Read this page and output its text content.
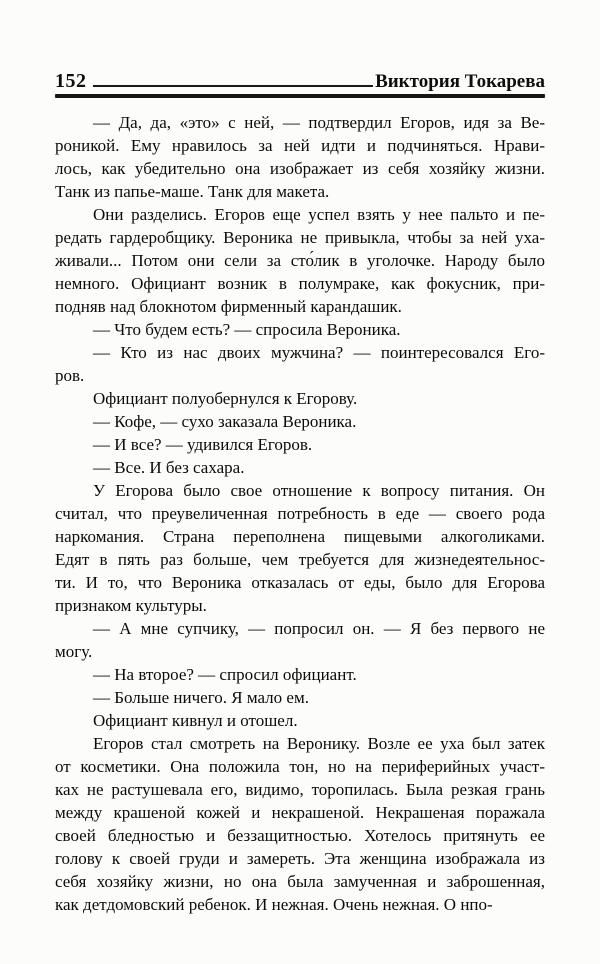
152	Виктория Токарева
— Да, да, «это» с ней, — подтвердил Егоров, идя за Ве-
роникой. Ему нравилось за ней идти и подчиняться. Нрави-
лось, как убедительно она изображает из себя хозяйку жизни.
Танк из папье-маше. Танк для макета.
Они разделись. Егоров еще успел взять у нее пальто и пе-
редать гардеробщику. Вероника не привыкла, чтобы за ней уха-
живали... Потом они сели за сто́лик в уголочке. Народу было
немного. Официант возник в полумраке, как фокусник, при-
подняв над блокнотом фирменный карандашик.
— Что будем есть? — спросила Вероника.
— Кто из нас двоих мужчина? — поинтересовался Его-
ров.
Официант полуобернулся к Егорову.
— Кофе, — сухо заказала Вероника.
— И все? — удивился Егоров.
— Все. И без сахара.
У Егорова было свое отношение к вопросу питания. Он
считал, что преувеличенная потребность в еде — своего рода
наркомания. Страна переполнена пищевыми алкоголиками.
Едят в пять раз больше, чем требуется для жизнедеятельнос-
ти. И то, что Вероника отказалась от еды, было для Егорова
признаком культуры.
— А мне супчику, — попросил он. — Я без первого не
могу.
— На второе? — спросил официант.
— Больше ничего. Я мало ем.
Официант кивнул и отошел.
Егоров стал смотреть на Веронику. Возле ее уха был затек
от косметики. Она положила тон, но на периферийных участ-
ках не растушевала его, видимо, торопилась. Была резкая грань
между крашеной кожей и некрашеной. Некрашеная поражала
своей бледностью и беззащитностью. Хотелось притянуть ее
голову к своей груди и замереть. Эта женщина изображала из
себя хозяйку жизни, но она была замученная и заброшенная,
как детдомовский ребенок. И нежная. Очень нежная. О нпо-
